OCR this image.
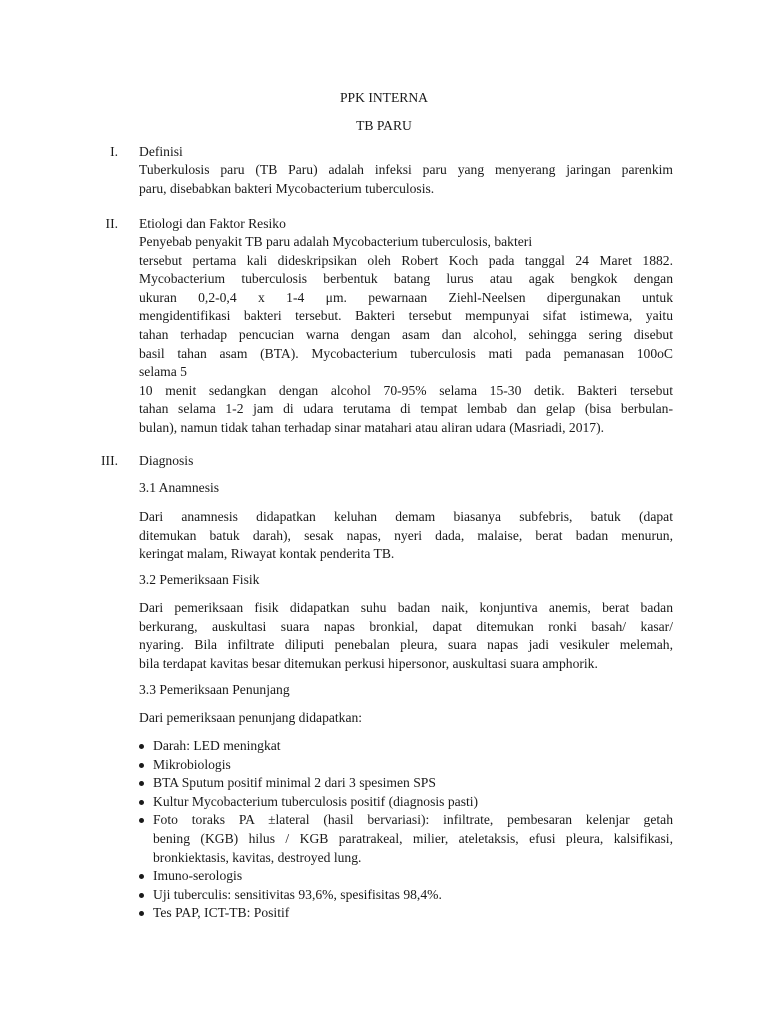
PPK INTERNA
TB PARU
I. Definisi
Tuberkulosis paru (TB Paru) adalah infeksi paru yang menyerang jaringan parenkim
paru, disebabkan bakteri Mycobacterium tuberculosis.
II. Etiologi dan Faktor Resiko
Penyebab penyakit TB paru adalah Mycobacterium tuberculosis, bakteri
tersebut pertama kali dideskripsikan oleh Robert Koch pada tanggal 24 Maret 1882.
Mycobacterium tuberculosis berbentuk batang lurus atau agak bengkok dengan
ukuran 0,2-0,4 x 1-4 μm. pewarnaan Ziehl-Neelsen dipergunakan untuk
mengidentifikasi bakteri tersebut. Bakteri tersebut mempunyai sifat istimewa, yaitu
tahan terhadap pencucian warna dengan asam dan alcohol, sehingga sering disebut
basil tahan asam (BTA). Mycobacterium tuberculosis mati pada pemanasan 100oC
selama 5
10 menit sedangkan dengan alcohol 70-95% selama 15-30 detik. Bakteri tersebut
tahan selama 1-2 jam di udara terutama di tempat lembab dan gelap (bisa berbulan-
bulan), namun tidak tahan terhadap sinar matahari atau aliran udara (Masriadi, 2017).
III. Diagnosis
3.1 Anamnesis
Dari anamnesis didapatkan keluhan demam biasanya subfebris, batuk (dapat
ditemukan batuk darah), sesak napas, nyeri dada, malaise, berat badan menurun,
keringat malam, Riwayat kontak penderita TB.
3.2 Pemeriksaan Fisik
Dari pemeriksaan fisik didapatkan suhu badan naik, konjuntiva anemis, berat badan
berkurang, auskultasi suara napas bronkial, dapat ditemukan ronki basah/ kasar/
nyaring. Bila infiltrate diliputi penebalan pleura, suara napas jadi vesikuler melemah,
bila terdapat kavitas besar ditemukan perkusi hipersonor, auskultasi suara amphorik.
3.3 Pemeriksaan Penunjang
Dari pemeriksaan penunjang didapatkan:
Darah: LED meningkat
Mikrobiologis
BTA Sputum positif minimal 2 dari 3 spesimen SPS
Kultur Mycobacterium tuberculosis positif (diagnosis pasti)
Foto toraks PA ±lateral (hasil bervariasi): infiltrate, pembesaran kelenjar getah
bening (KGB) hilus / KGB paratrakeal, milier, ateletaksis, efusi pleura, kalsifikasi,
bronkiektasis, kavitas, destroyed lung.
Imuno-serologis
Uji tuberculis: sensitivitas 93,6%, spesifisitas 98,4%.
Tes PAP, ICT-TB: Positif
